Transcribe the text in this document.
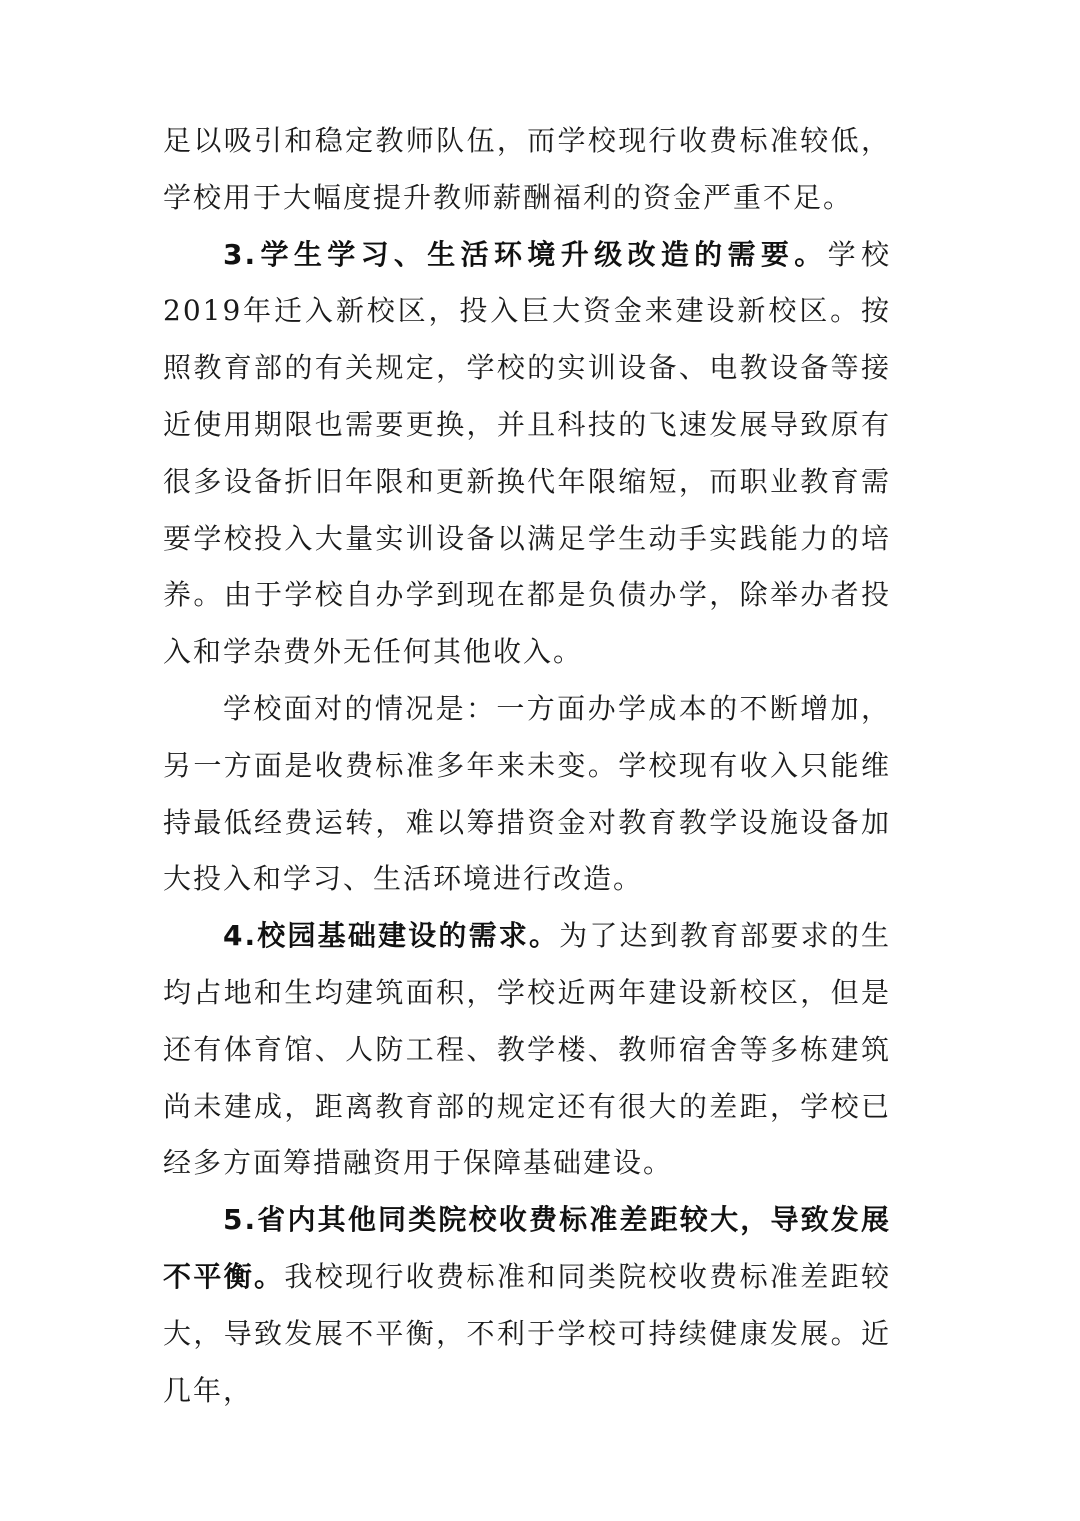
足以吸引和稳定教师队伍，而学校现行收费标准较低，学校用于大幅度提升教师薪酬福利的资金严重不足。

3.学生学习、生活环境升级改造的需要。学校2019年迁入新校区，投入巨大资金来建设新校区。按照教育部的有关规定，学校的实训设备、电教设备等接近使用期限也需要更换，并且科技的飞速发展导致原有很多设备折旧年限和更新换代年限缩短，而职业教育需要学校投入大量实训设备以满足学生动手实践能力的培养。由于学校自办学到现在都是负债办学，除举办者投入和学杂费外无任何其他收入。

学校面对的情况是：一方面办学成本的不断增加，另一方面是收费标准多年来未变。学校现有收入只能维持最低经费运转，难以筹措资金对教育教学设施设备加大投入和学习、生活环境进行改造。

4.校园基础建设的需求。为了达到教育部要求的生均占地和生均建筑面积，学校近两年建设新校区，但是还有体育馆、人防工程、教学楼、教师宿舍等多栋建筑尚未建成，距离教育部的规定还有很大的差距，学校已经多方面筹措融资用于保障基础建设。

5.省内其他同类院校收费标准差距较大，导致发展不平衡。我校现行收费标准和同类院校收费标准差距较大，导致发展不平衡，不利于学校可持续健康发展。近几年，
